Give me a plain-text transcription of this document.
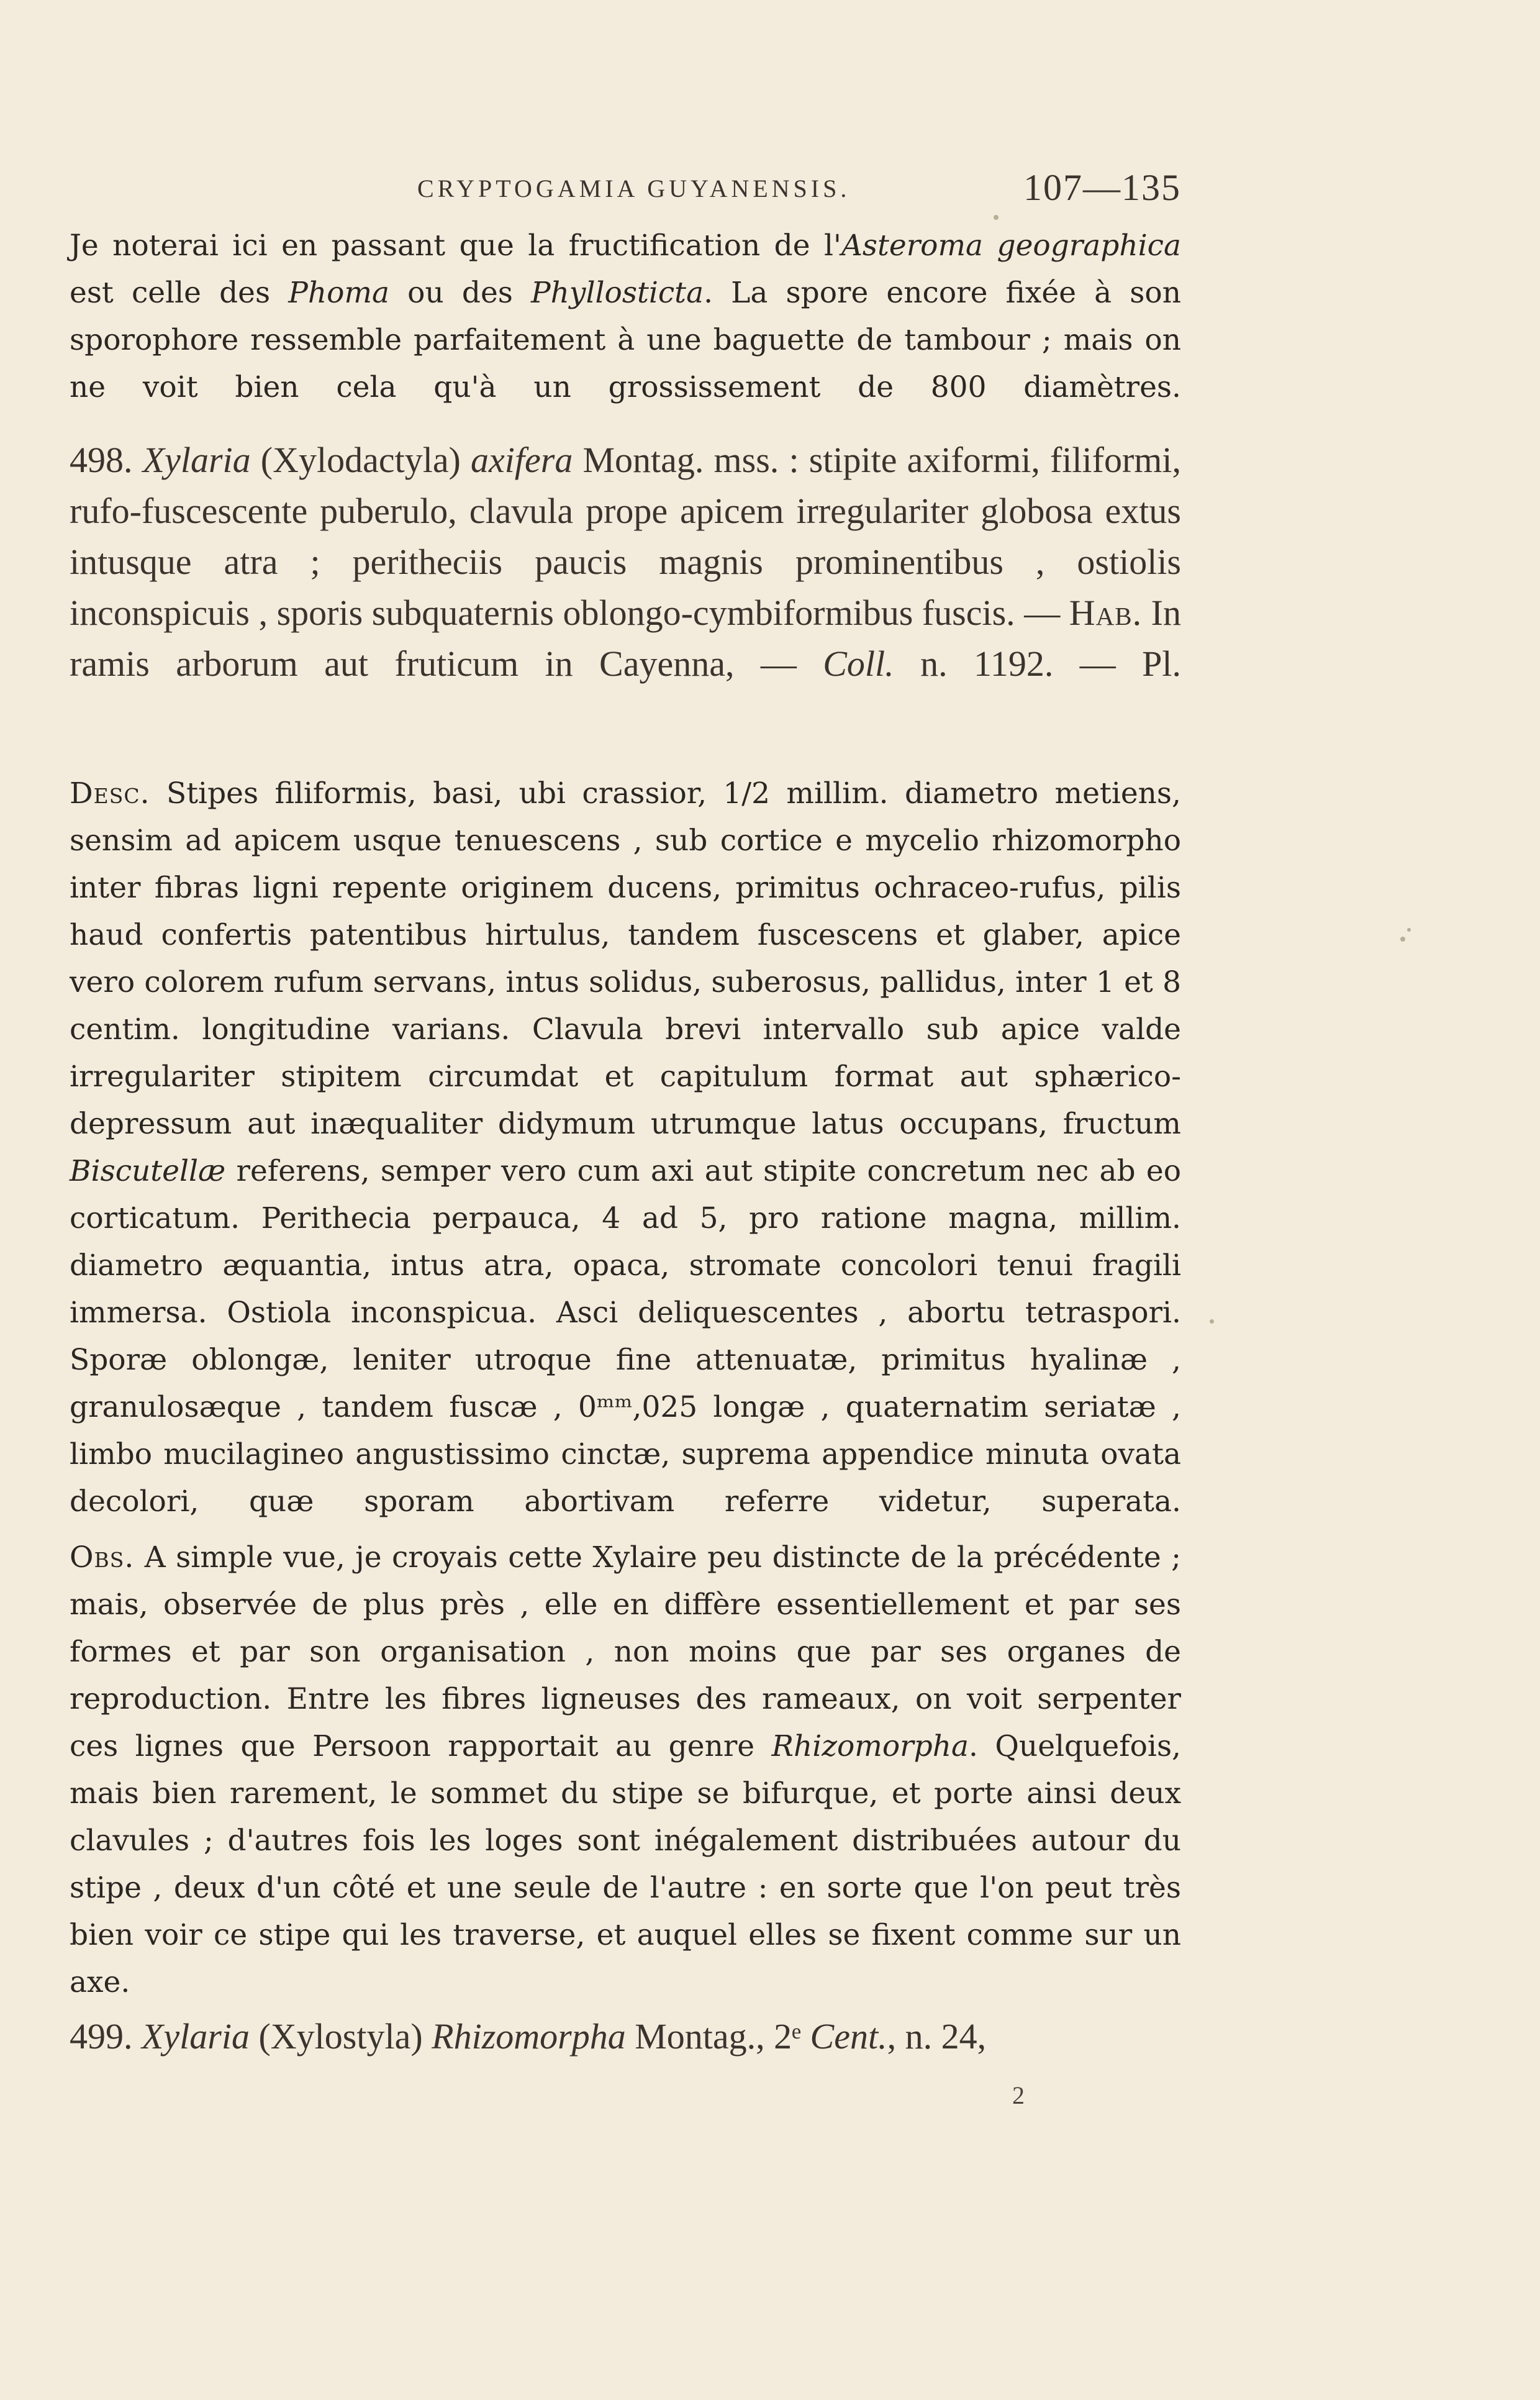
CRYPTOGAMIA GUYANENSIS.	107—135
Je noterai ici en passant que la fructification de l'Asteroma geographica est celle des Phoma ou des Phyllosticta. La spore encore fixée à son sporophore ressemble parfaitement à une baguette de tambour ; mais on ne voit bien cela qu'à un grossissement de 800 diamètres.
498. Xylaria (Xylodactyla) axifera Montag. mss. : stipite axiformi, filiformi, rufo-fuscescente puberulo, clavula prope apicem irregulariter globosa extus intusque atra ; peritheciis paucis magnis prominentibus , ostiolis inconspicuis , sporis subquaternis oblongo-cymbiformibus fuscis. — Hab. In ramis arborum aut fruticum in Cayenna, — Coll. n. 1192. — Pl.
Desc. Stipes filiformis, basi, ubi crassior, 1/2 millim. diametro metiens, sensim ad apicem usque tenuescens , sub cortice e mycelio rhizomorpho inter fibras ligni repente originem ducens, primitus ochraceo-rufus, pilis haud confertis patentibus hirtulus, tandem fuscescens et glaber, apice vero colorem rufum servans, intus solidus, suberosus, pallidus, inter 1 et 8 centim. longitudine varians. Clavula brevi intervallo sub apice valde irregulariter stipitem circumdat et capitulum format aut sphærico-depressum aut inæqualiter didymum utrumque latus occupans, fructum Biscutellæ referens, semper vero cum axi aut stipite concretum nec ab eo corticatum. Perithecia perpauca, 4 ad 5, pro ratione magna, millim. diametro æquantia, intus atra, opaca, stromate concolori tenui fragili immersa. Ostiola inconspicua. Asci deliquescentes , abortu tetraspori. Sporæ oblongæ, leniter utroque fine attenuatæ, primitus hyalinæ , granulosæque , tandem fuscæ , 0ᵐᵐ,025 longæ , quaternatim seriatæ , limbo mucilagineo angustissimo cinctæ, suprema appendice minuta ovata decolori, quæ sporam abortivam referre videtur, superata.
Obs. A simple vue, je croyais cette Xylaire peu distincte de la précédente ; mais, observée de plus près , elle en diffère essentiellement et par ses formes et par son organisation , non moins que par ses organes de reproduction. Entre les fibres ligneuses des rameaux, on voit serpenter ces lignes que Persoon rapportait au genre Rhizomorpha. Quelquefois, mais bien rarement, le sommet du stipe se bifurque, et porte ainsi deux clavules ; d'autres fois les loges sont inégalement distribuées autour du stipe , deux d'un côté et une seule de l'autre : en sorte que l'on peut très bien voir ce stipe qui les traverse, et auquel elles se fixent comme sur un axe.
499. Xylaria (Xylostyla) Rhizomorpha Montag., 2ᵉ Cent., n. 24,
2
